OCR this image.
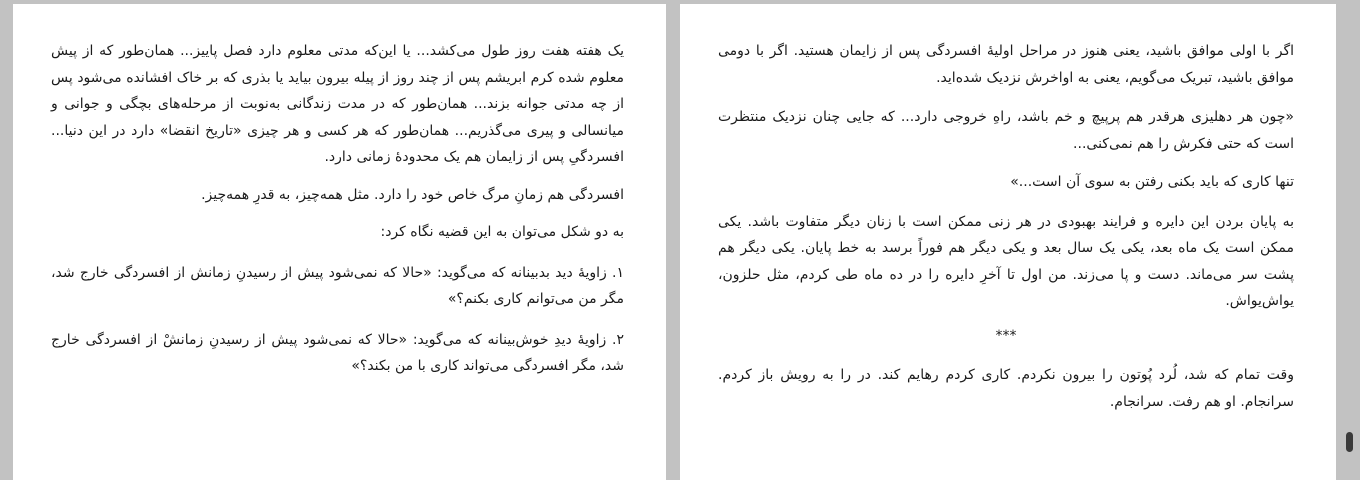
یک هفته هفت روز طول می‌کشد... یا این‌که مدتی معلوم دارد فصل پاییز... همان‌طور که از پیش معلوم شده کرم ابریشم پس از چند روز از پیله بیرون بیاید یا بذری که بر خاک افشانده می‌شود پس از چه مدتی جوانه بزند... همان‌طور که در مدت زندگانی به‌نوبت از مرحله‌های بچگی و جوانی و میانسالی و پیری می‌گذریم... همان‌طور که هر کسی و هر چیزی «تاریخ انقضا» دارد در این دنیا... افسردگیِ پس از زایمان هم یک محدودهٔ زمانی دارد.

افسردگی هم زمانِ مرگ خاص خود را دارد. مثل همه‌چیز، به قدرِ همه‌چیز.

به دو شکل می‌توان به این قضیه نگاه کرد:

۱. زاویهٔ دید بدبینانه که می‌گوید: «حالا که نمی‌شود پیش از رسیدنِ زمانش از افسردگی خارج شد، مگر من می‌توانم کاری بکنم؟»

۲. زاویهٔ دیدِ خوش‌بینانه که می‌گوید: «حالا که نمی‌شود پیش از رسیدنِ زمانشْ از افسردگی خارج شد، مگر افسردگی می‌تواند کاری با من بکند؟»

اگر با اولی موافق باشید، یعنی هنوز در مراحل اولیهٔ افسردگی پس از زایمان هستید. اگر با دومی موافق باشید، تبریک می‌گویم، یعنی به اواخرش نزدیک شده‌اید.

«چون هر دهلیزی هرقدر هم پرپیچ و خم باشد، راهِ خروجی دارد... که جایی چنان نزدیک منتظرت است که حتی فکرش را هم نمی‌کنی...

تنها کاری که باید بکنی رفتن به سوی آن است...»

به پایان بردن این دایره و فرایند بهبودی در هر زنی ممکن است با زنان دیگر متفاوت باشد. یکی ممکن است یک ماه بعد، یکی یک سال بعد و یکی دیگر هم فوراً برسد به خط پایان. یکی دیگر هم پشت سر می‌ماند. دست و پا می‌زند. من اول تا آخرِ دایره را در ده ماه طی کردم، مثل حلزون، یواش‌یواش.

***

وقت تمام که شد، لُرد پُوتون را بیرون نکردم. کاری کردم رهایم کند. در را به رویش باز کردم. سرانجام. او هم رفت. سرانجام.
